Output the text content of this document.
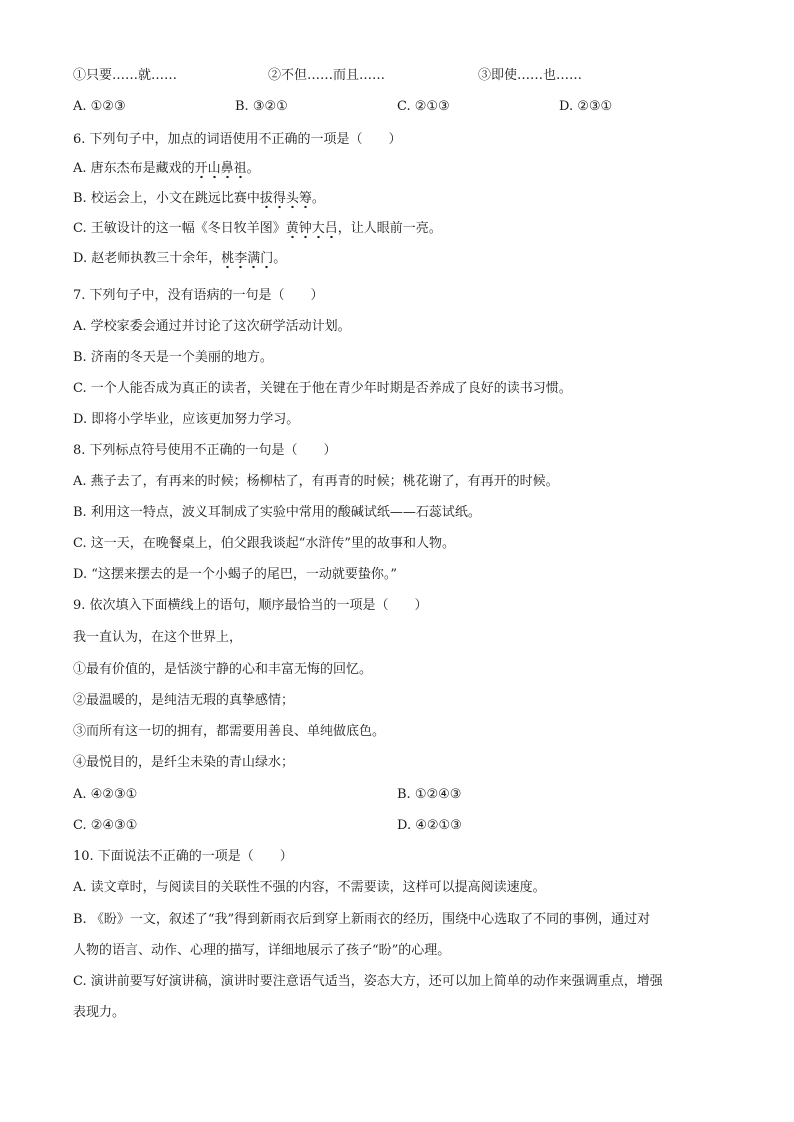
①只要……就……	②不但……而且……	③即使……也……
A. ①②③	B. ③②①	C. ②①③	D. ②③①
6. 下列句子中，加点的词语使用不正确的一项是（　　）
A. 唐东杰布是藏戏的开山鼻祖。
B. 校运会上，小文在跳远比赛中拔得头筹。
C. 王敏设计的这一幅《冬日牧羊图》黄钟大吕，让人眼前一亮。
D. 赵老师执教三十余年，桃李满门。
7. 下列句子中，没有语病的一句是（　　）
A. 学校家委会通过并讨论了这次研学活动计划。
B. 济南的冬天是一个美丽的地方。
C. 一个人能否成为真正的读者，关键在于他在青少年时期是否养成了良好的读书习惯。
D. 即将小学毕业，应该更加努力学习。
8. 下列标点符号使用不正确的一句是（　　）
A. 燕子去了，有再来的时候；杨柳枯了，有再青的时候；桃花谢了，有再开的时候。
B. 利用这一特点，波义耳制成了实验中常用的酸碱试纸——石蕊试纸。
C. 这一天，在晚餐桌上，伯父跟我谈起“水浒传”里的故事和人物。
D. “这摆来摆去的是一个小蝎子的尾巴，一动就要蛰你。”
9. 依次填入下面横线上的语句，顺序最恰当的一项是（　　）
我一直认为，在这个世界上，
①最有价值的，是恬淡宁静的心和丰富无悔的回忆。
②最温暖的，是纯洁无瑕的真挚感情；
③而所有这一切的拥有，都需要用善良、单纯做底色。
④最悦目的，是纤尘未染的青山绿水；
A. ④②③①	B. ①②④③
C. ②④③①	D. ④②①③
10. 下面说法不正确的一项是（　　）
A. 读文章时，与阅读目的关联性不强的内容，不需要读，这样可以提高阅读速度。
B. 《盼》一文，叙述了“我”得到新雨衣后到穿上新雨衣的经历，围绕中心选取了不同的事例，通过对
人物的语言、动作、心理的描写，详细地展示了孩子“盼”的心理。
C. 演讲前要写好演讲稿，演讲时要注意语气适当，姿态大方，还可以加上简单的动作来强调重点，增强
表现力。
